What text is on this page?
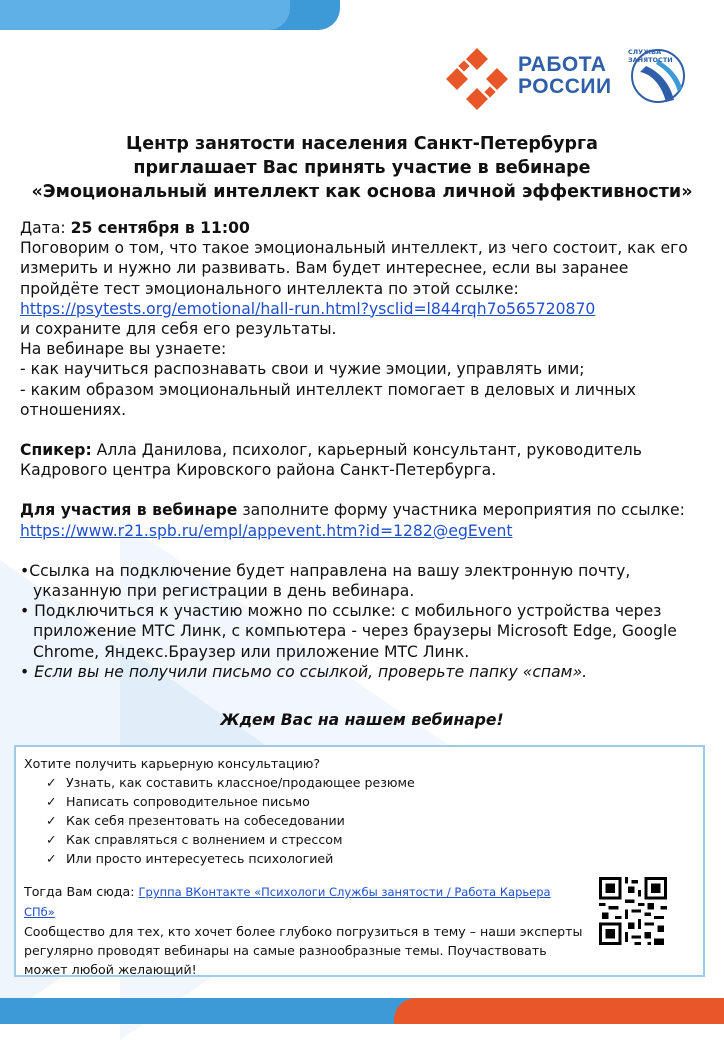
РАБОТА
РОССИИ
СЛУЖБА ЗАНЯТОСТИ
Центр занятости населения Санкт-Петербурга
приглашает Вас принять участие в вебинаре
«Эмоциональный интеллект как основа личной эффективности»

Дата: 25 сентября в 11:00

Поговорим о том, что такое эмоциональный интеллект, из чего состоит, как его измерить и нужно ли развивать. Вам будет интереснее, если вы заранее пройдёте тест эмоционального интеллекта по этой ссылке:

https://psytests.org/emotional/hall-run.html?ysclid=l844rqh7o565720870

и сохраните для себя его результаты.

На вебинаре вы узнаете:

- как научиться распознавать свои и чужие эмоции, управлять ими;

- каким образом эмоциональный интеллект помогает в деловых и личных отношениях.

Спикер: Алла Данилова, психолог, карьерный консультант, руководитель Кадрового центра Кировского района Санкт-Петербурга.

Для участия в вебинаре заполните форму участника мероприятия по ссылке: https://www.r21.spb.ru/empl/appevent.htm?id=1282@egEvent

•Ссылка на подключение будет направлена на вашу электронную почту, указанную при регистрации в день вебинара.

• Подключиться к участию можно по ссылке: с мобильного устройства через приложение МТС Линк, с компьютера - через браузеры Microsoft Edge, Google Chrome, Яндекс.Браузер или приложение МТС Линк.

• Если вы не получили письмо со ссылкой, проверьте папку «спам».

Ждем Вас на нашем вебинаре!
Хотите получить карьерную консультацию?
✓ Узнать, как составить классное/продающее резюме
✓ Написать сопроводительное письмо
✓ Как себя презентовать на собеседовании
✓ Как справляться с волнением и стрессом
✓ Или просто интересуетесь психологией
Тогда Вам сюда: Группа ВКонтакте «Психологи Службы занятости / Работа Карьера СПб»
Сообщество для тех, кто хочет более глубоко погрузиться в тему – наши эксперты регулярно проводят вебинары на самые разнообразные темы. Поучаствовать может любой желающий!
